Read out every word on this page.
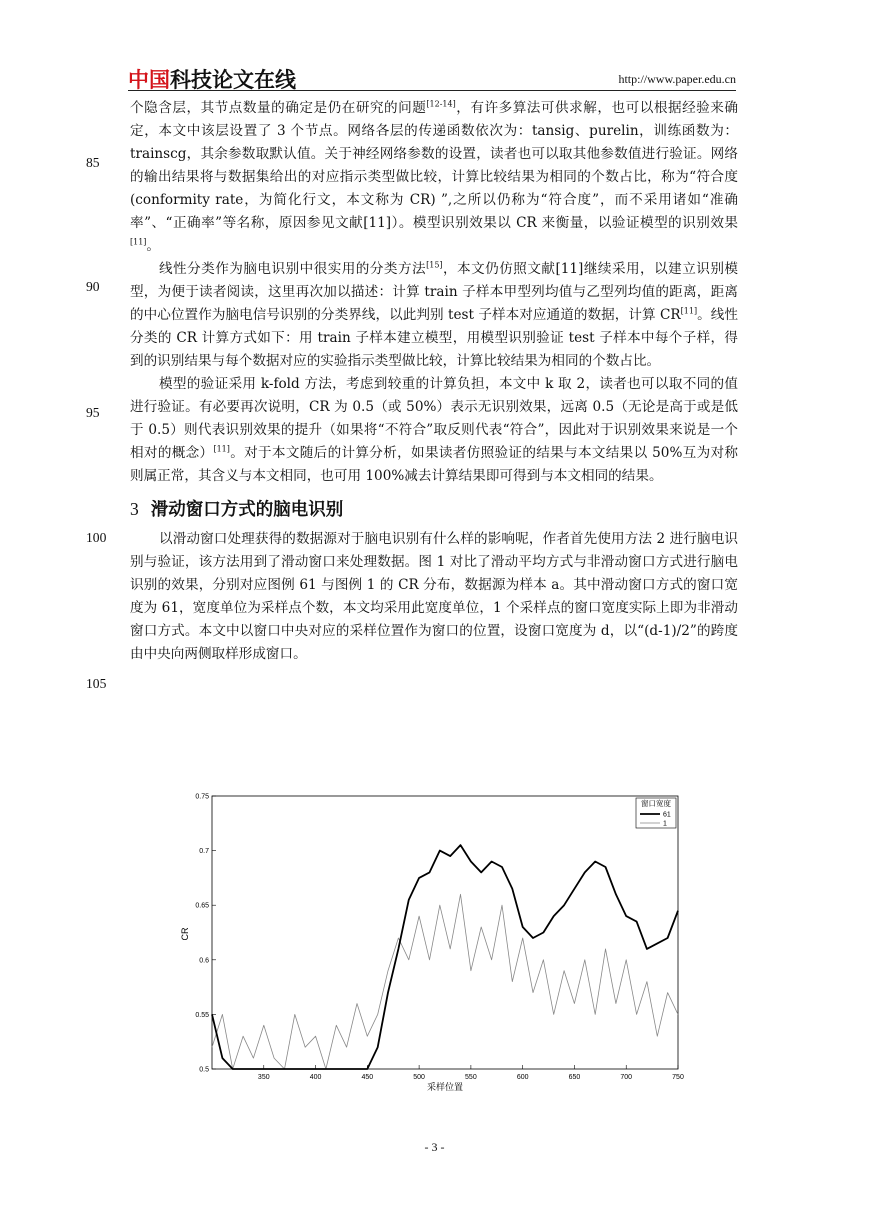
中国科技论文在线	http://www.paper.edu.cn
85
90
95
100
105

个隐含层，其节点数量的确定是仍在研究的问题[12-14]，有许多算法可供求解，也可以根据经验来确定，本文中该层设置了 3 个节点。网络各层的传递函数依次为：tansig、purelin，训练函数为：trainscg，其余参数取默认值。关于神经网络参数的设置，读者也可以取其他参数值进行验证。网络的输出结果将与数据集给出的对应指示类型做比较，计算比较结果为相同的个数占比，称为“符合度(conformity rate，为简化行文，本文称为 CR) ”,之所以仍称为“符合度”，而不采用诸如“准确率”、“正确率”等名称，原因参见文献[11]）。模型识别效果以 CR 来衡量，以验证模型的识别效果[11]。

线性分类作为脑电识别中很实用的分类方法[15]，本文仍仿照文献[11]继续采用，以建立识别模型，为便于读者阅读，这里再次加以描述：计算 train 子样本甲型列均值与乙型列均值的距离，距离的中心位置作为脑电信号识别的分类界线，以此判别 test 子样本对应通道的数据，计算 CR[11]。线性分类的 CR 计算方式如下：用 train 子样本建立模型，用模型识别验证 test 子样本中每个子样，得到的识别结果与每个数据对应的实验指示类型做比较，计算比较结果为相同的个数占比。

模型的验证采用 k-fold 方法，考虑到较重的计算负担，本文中 k 取 2，读者也可以取不同的值进行验证。有必要再次说明，CR 为 0.5（或 50%）表示无识别效果，远离 0.5（无论是高于或是低于 0.5）则代表识别效果的提升（如果将“不符合”取反则代表“符合”，因此对于识别效果来说是一个相对的概念）[11]。对于本文随后的计算分析，如果读者仿照验证的结果与本文结果以 50%互为对称则属正常，其含义与本文相同，也可用 100%减去计算结果即可得到与本文相同的结果。

3 滑动窗口方式的脑电识别

以滑动窗口处理获得的数据源对于脑电识别有什么样的影响呢，作者首先使用方法 2 进行脑电识别与验证，该方法用到了滑动窗口来处理数据。图 1 对比了滑动平均方式与非滑动窗口方式进行脑电识别的效果，分别对应图例 61 与图例 1 的 CR 分布，数据源为样本 a。其中滑动窗口方式的窗口宽度为 61，宽度单位为采样点个数，本文均采用此宽度单位，1 个采样点的窗口宽度实际上即为非滑动窗口方式。本文中以窗口中央对应的采样位置作为窗口的位置，设窗口宽度为 d，以“(d-1)/2”的跨度由中央向两侧取样形成窗口。

350	400	450	500	550	600	650	700	750
0.5
0.55
0.6
0.65
0.7
0.75
采样位置
CR
窗口宽度
61
1
- 3 -
